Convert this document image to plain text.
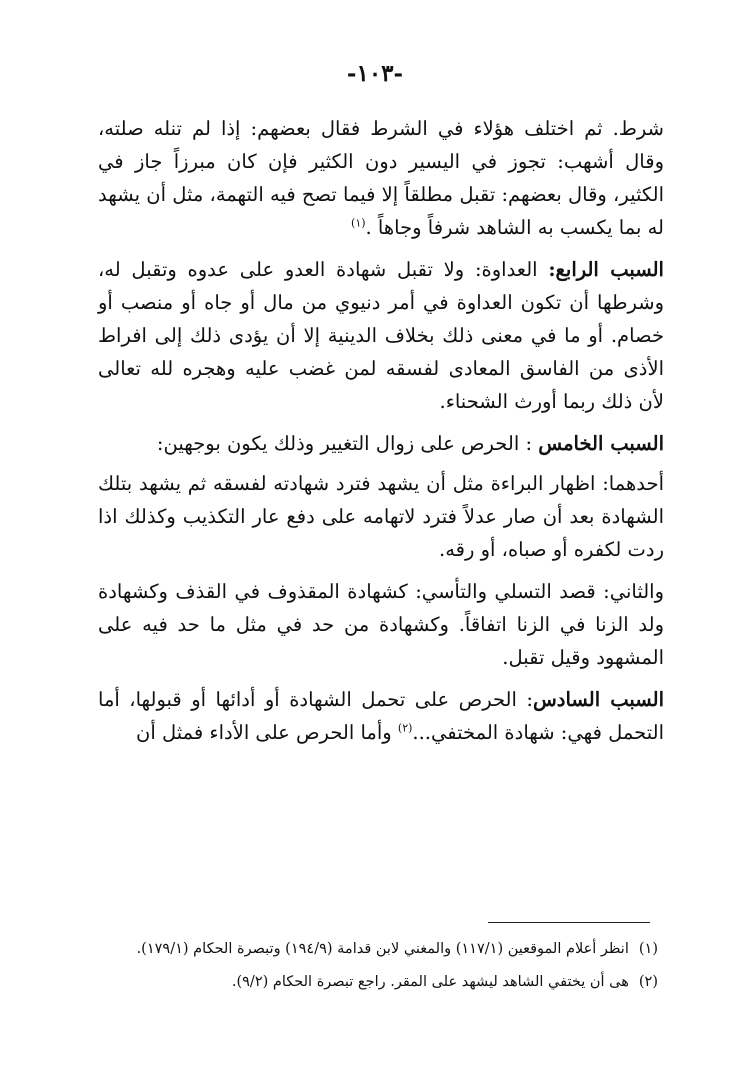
-١٠٣-

شرط. ثم اختلف هؤلاء في الشرط فقال بعضهم: إذا لم تنله صلته، وقال أشهب: تجوز في اليسير دون الكثير فإن كان مبرزاً جاز في الكثير، وقال بعضهم: تقبل مطلقاً إلا فيما تصح فيه التهمة، مثل أن يشهد له بما يكسب به الشاهد شرفاً وجاهاً .$^{(١)}$

السبب الرابع: العداوة: ولا تقبل شهادة العدو على عدوه وتقبل له، وشرطها أن تكون العداوة في أمر دنيوي من مال أو جاه أو منصب أو خصام. أو ما في معنى ذلك بخلاف الدينية إلا أن يؤدى ذلك إلى افراط الأذى من الفاسق المعادى لفسقه لمن غضب عليه وهجره لله تعالى لأن ذلك ربما أورث الشحناء.

السبب الخامس : الحرص على زوال التغيير وذلك يكون بوجهين:

أحدهما: اظهار البراءة مثل أن يشهد فترد شهادته لفسقه ثم يشهد بتلك الشهادة بعد أن صار عدلاً فترد لاتهامه على دفع عار التكذيب وكذلك اذا ردت لكفره أو صباه، أو رقه.

والثاني: قصد التسلي والتأسي: كشهادة المقذوف في القذف وكشهادة ولد الزنا في الزنا اتفاقاً. وكشهادة من حد في مثل ما حد فيه على المشهود وقيل تقبل.

السبب السادس: الحرص على تحمل الشهادة أو أدائها أو قبولها، أما التحمل فهي: شهادة المختفي...$^{(٢)}$ وأما الحرص على الأداء فمثل أن

(١)
انظر أعلام الموقعين (١١٧/١) والمغني لابن قدامة (١٩٤/٩) وتبصرة الحكام (١٧٩/١).
(٢)
هى أن يختفي الشاهد ليشهد على المقر. راجع تبصرة الحكام (٩/٢).
